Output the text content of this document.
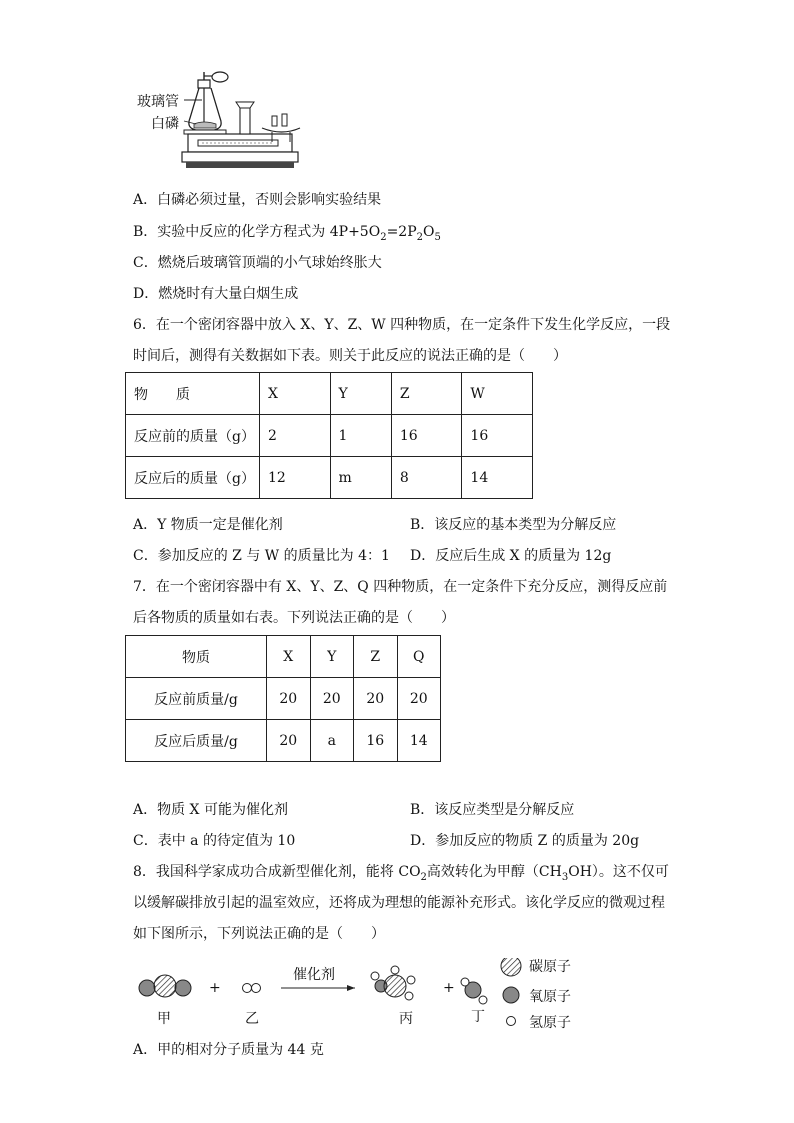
玻璃管
白磷
A．白磷必须过量，否则会影响实验结果
B．实验中反应的化学方程式为 $4P+5O_2=2P_2O_5$
C．燃烧后玻璃管顶端的小气球始终胀大
D．燃烧时有大量白烟生成
6．在一个密闭容器中放入 X、Y、Z、W 四种物质，在一定条件下发生化学反应，一段
时间后，测得有关数据如下表。则关于此反应的说法正确的是（　　）
物　　质	X	Y	Z	W
反应前的质量（g）	2	1	16	16
反应后的质量（g）	12	m	8	14
A．Y 物质一定是催化剂	B．该反应的基本类型为分解反应
C．参加反应的 Z 与 W 的质量比为 4：1 D．反应后生成 X 的质量为 12g
7．在一个密闭容器中有 X、Y、Z、Q 四种物质，在一定条件下充分反应，测得反应前
后各物质的质量如右表。下列说法正确的是（　　）
物质	X	Y	Z	Q
反应前质量/g	20	20	20	20
反应后质量/g	20	a	16	14
A．物质 X 可能为催化剂	B．该反应类型是分解反应
C．表中 a 的待定值为 10	D．参加反应的物质 Z 的质量为 20g
8．我国科学家成功合成新型催化剂，能将 $CO_2$高效转化为甲醇$(CH_3OH)$。这不仅可
以缓解碳排放引起的温室效应，还将成为理想的能源补充形式。该化学反应的微观过程
如下图所示，下列说法正确的是（　　）
甲
+
乙
催化剂
丙
+
丁
碳原子
氧原子
氢原子
A．甲的相对分子质量为 44 克
